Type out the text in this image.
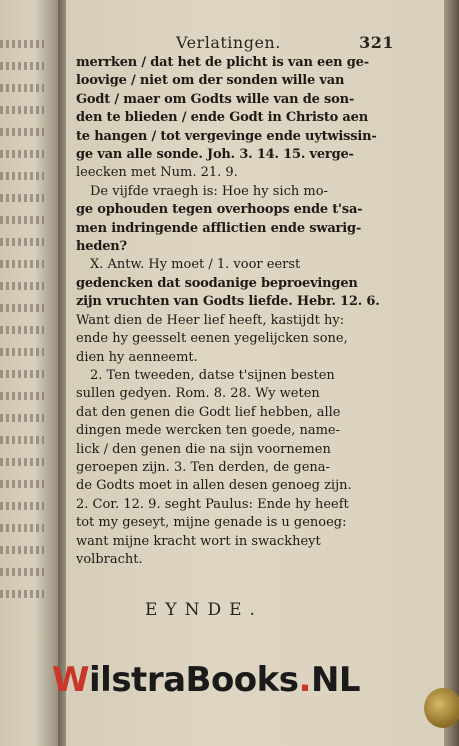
Verlatingen.	321

merrken / dat het de plicht is van een ge-

loovige / niet om der sonden wille van

Godt / maer om Godts wille van de son-

den te blieden / ende Godt in Christo aen

te hangen / tot vergevinge ende uytwissin-

ge van alle sonde. Joh. 3. 14. 15. verge-

leecken met Num. 21. 9.

De vijfde vraegh is: Hoe hy sich mo-

ge ophouden tegen overhoops ende t'sa-

men indringende afflictien ende swarig-

heden?

X. Antw. Hy moet / 1. voor eerst

gedencken dat soodanige beproevingen

zijn vruchten van Godts liefde. Hebr. 12. 6.

Want dien de Heer lief heeft, kastijdt hy:

ende hy geesselt eenen yegelijcken sone,

dien hy aenneemt.

2. Ten tweeden, datse t'sijnen besten

sullen gedyen. Rom. 8. 28. Wy weten

dat den genen die Godt lief hebben, alle

dingen mede wercken ten goede, name-

lick / den genen die na sijn voornemen

geroepen zijn. 3. Ten derden, de gena-

de Godts moet in allen desen genoeg zijn.

2. Cor. 12. 9. seght Paulus: Ende hy heeft

tot my geseyt, mijne genade is u genoeg:

want mijne kracht wort in swackheyt

volbracht.

EYNDE.
WilstraBooks.NL
